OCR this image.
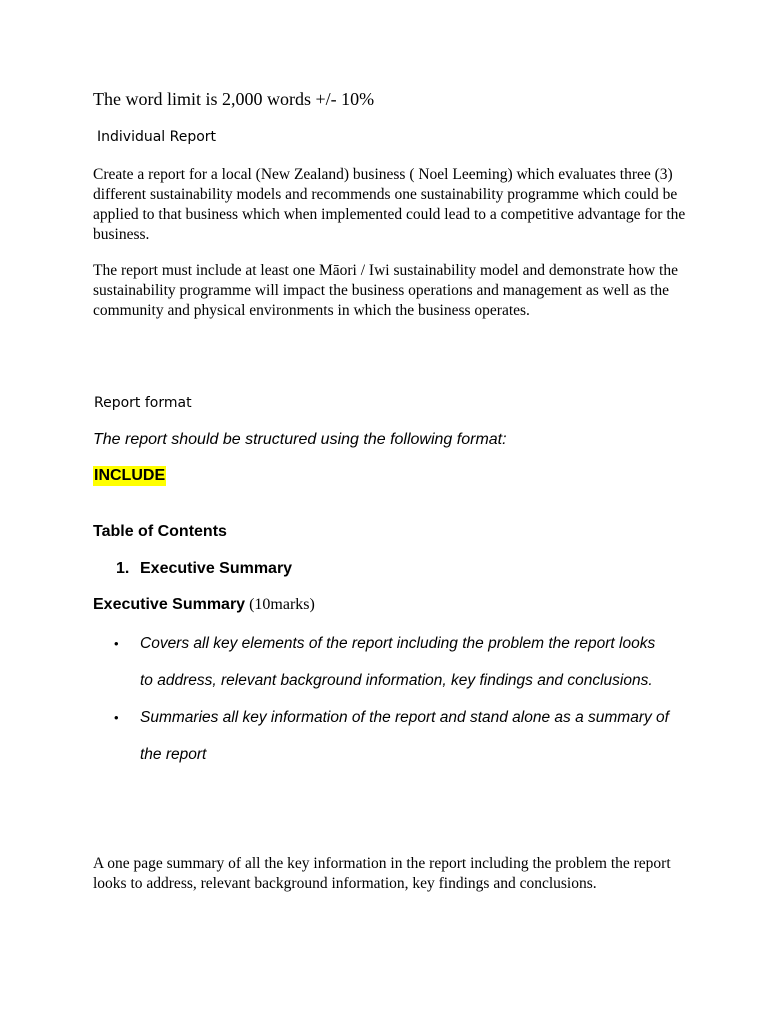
The word limit is 2,000 words +/- 10%

Individual Report

Create a report for a local (New Zealand) business ( Noel Leeming) which evaluates three (3) different sustainability models and recommends one sustainability programme which could be applied to that business which when implemented could lead to a competitive advantage for the business.

The report must include at least one Māori / Iwi sustainability model and demonstrate how the sustainability programme will impact the business operations and management as well as the community and physical environments in which the business operates.

Report format

The report should be structured using the following format:

INCLUDE

Table of Contents

1. Executive Summary

Executive Summary (10marks)

• Covers all key elements of the report including the problem the report looks to address, relevant background information, key findings and conclusions.
• Summaries all key information of the report and stand alone as a summary of the report

A one page summary of all the key information in the report including the problem the report looks to address, relevant background information, key findings and conclusions.
